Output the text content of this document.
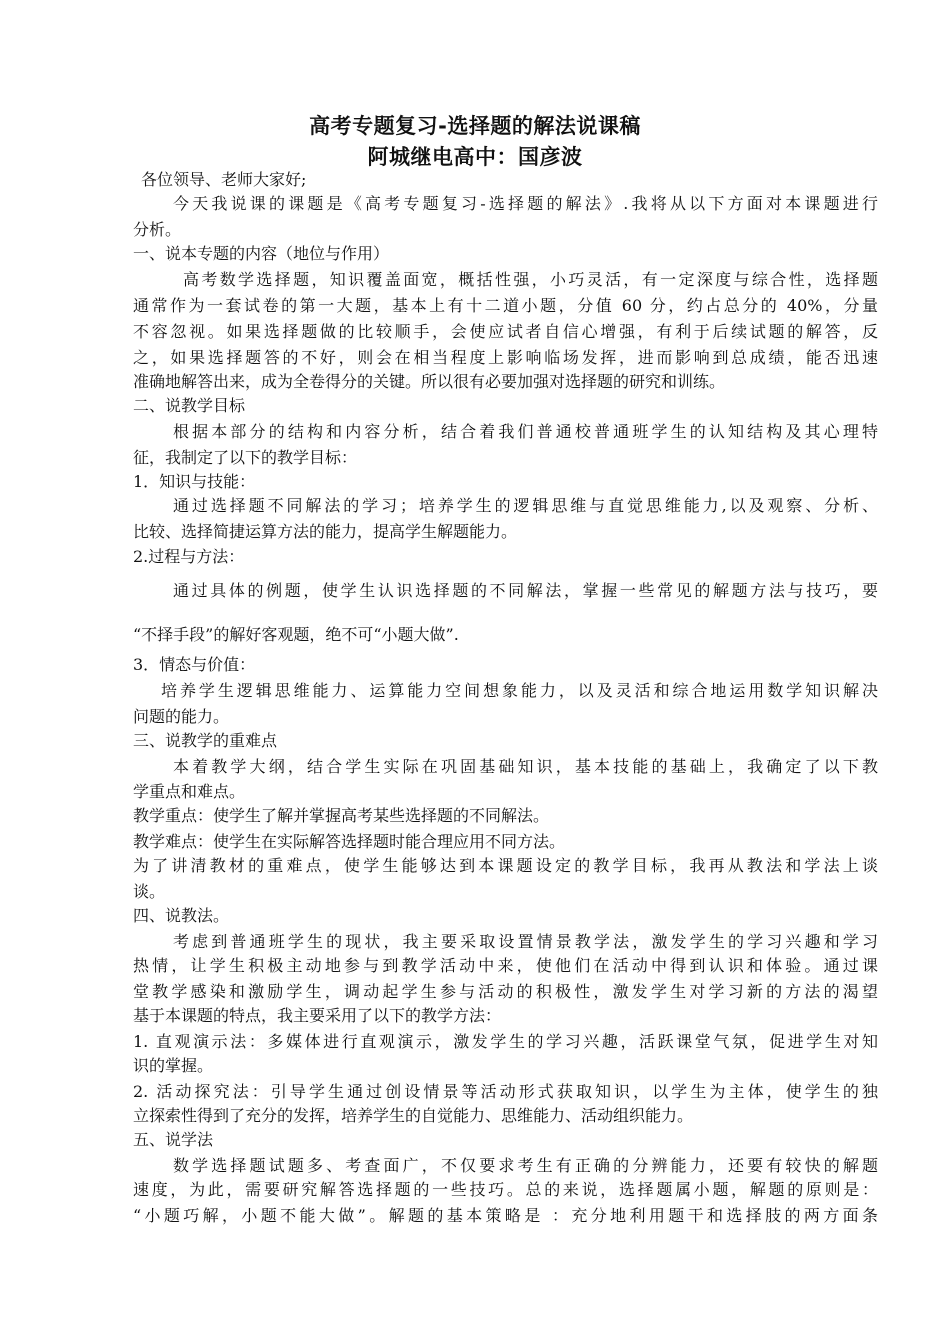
高考专题复习-选择题的解法说课稿
阿城继电高中：国彦波
各位领导、老师大家好;
今天我说课的课题是《高考专题复习-选择题的解法》.我将从以下方面对本课题进行
分析。
一、说本专题的内容（地位与作用）
高考数学选择题，知识覆盖面宽，概括性强，小巧灵活，有一定深度与综合性，选择题
通常作为一套试卷的第一大题，基本上有十二道小题，分值 60 分，约占总分的 40%，分量
不容忽视。如果选择题做的比较顺手，会使应试者自信心增强，有利于后续试题的解答，反
之，如果选择题答的不好，则会在相当程度上影响临场发挥，进而影响到总成绩，能否迅速
准确地解答出来，成为全卷得分的关键。所以很有必要加强对选择题的研究和训练。
二、说教学目标
根据本部分的结构和内容分析，结合着我们普通校普通班学生的认知结构及其心理特
征，我制定了以下的教学目标：
1．知识与技能：
通过选择题不同解法的学习；培养学生的逻辑思维与直觉思维能力,以及观察、分析、
比较、选择简捷运算方法的能力，提高学生解题能力。
2.过程与方法：
通过具体的例题，使学生认识选择题的不同解法，掌握一些常见的解题方法与技巧，要
“不择手段”的解好客观题，绝不可“小题大做”.
3．情态与价值：
培养学生逻辑思维能力、运算能力空间想象能力，以及灵活和综合地运用数学知识解决
问题的能力。
三、说教学的重难点
本着教学大纲，结合学生实际在巩固基础知识，基本技能的基础上，我确定了以下教
学重点和难点。
教学重点：使学生了解并掌握高考某些选择题的不同解法。
教学难点：使学生在实际解答选择题时能合理应用不同方法。
为了讲清教材的重难点，使学生能够达到本课题设定的教学目标，我再从教法和学法上谈
谈。
四、说教法。
考虑到普通班学生的现状，我主要采取设置情景教学法，激发学生的学习兴趣和学习
热情，让学生积极主动地参与到教学活动中来，使他们在活动中得到认识和体验。通过课
堂教学感染和激励学生，调动起学生参与活动的积极性，激发学生对学习新的方法的渴望
基于本课题的特点，我主要采用了以下的教学方法：
1. 直观演示法：多媒体进行直观演示，激发学生的学习兴趣，活跃课堂气氛，促进学生对知
识的掌握。
2. 活动探究法：引导学生通过创设情景等活动形式获取知识，以学生为主体，使学生的独
立探索性得到了充分的发挥，培养学生的自觉能力、思维能力、活动组织能力。
五、说学法
数学选择题试题多、考查面广，不仅要求考生有正确的分辨能力，还要有较快的解题
速度，为此，需要研究解答选择题的一些技巧。总的来说，选择题属小题，解题的原则是：
“小题巧解，小题不能大做”。解题的基本策略是 ：充分地利用题干和选择肢的两方面条
